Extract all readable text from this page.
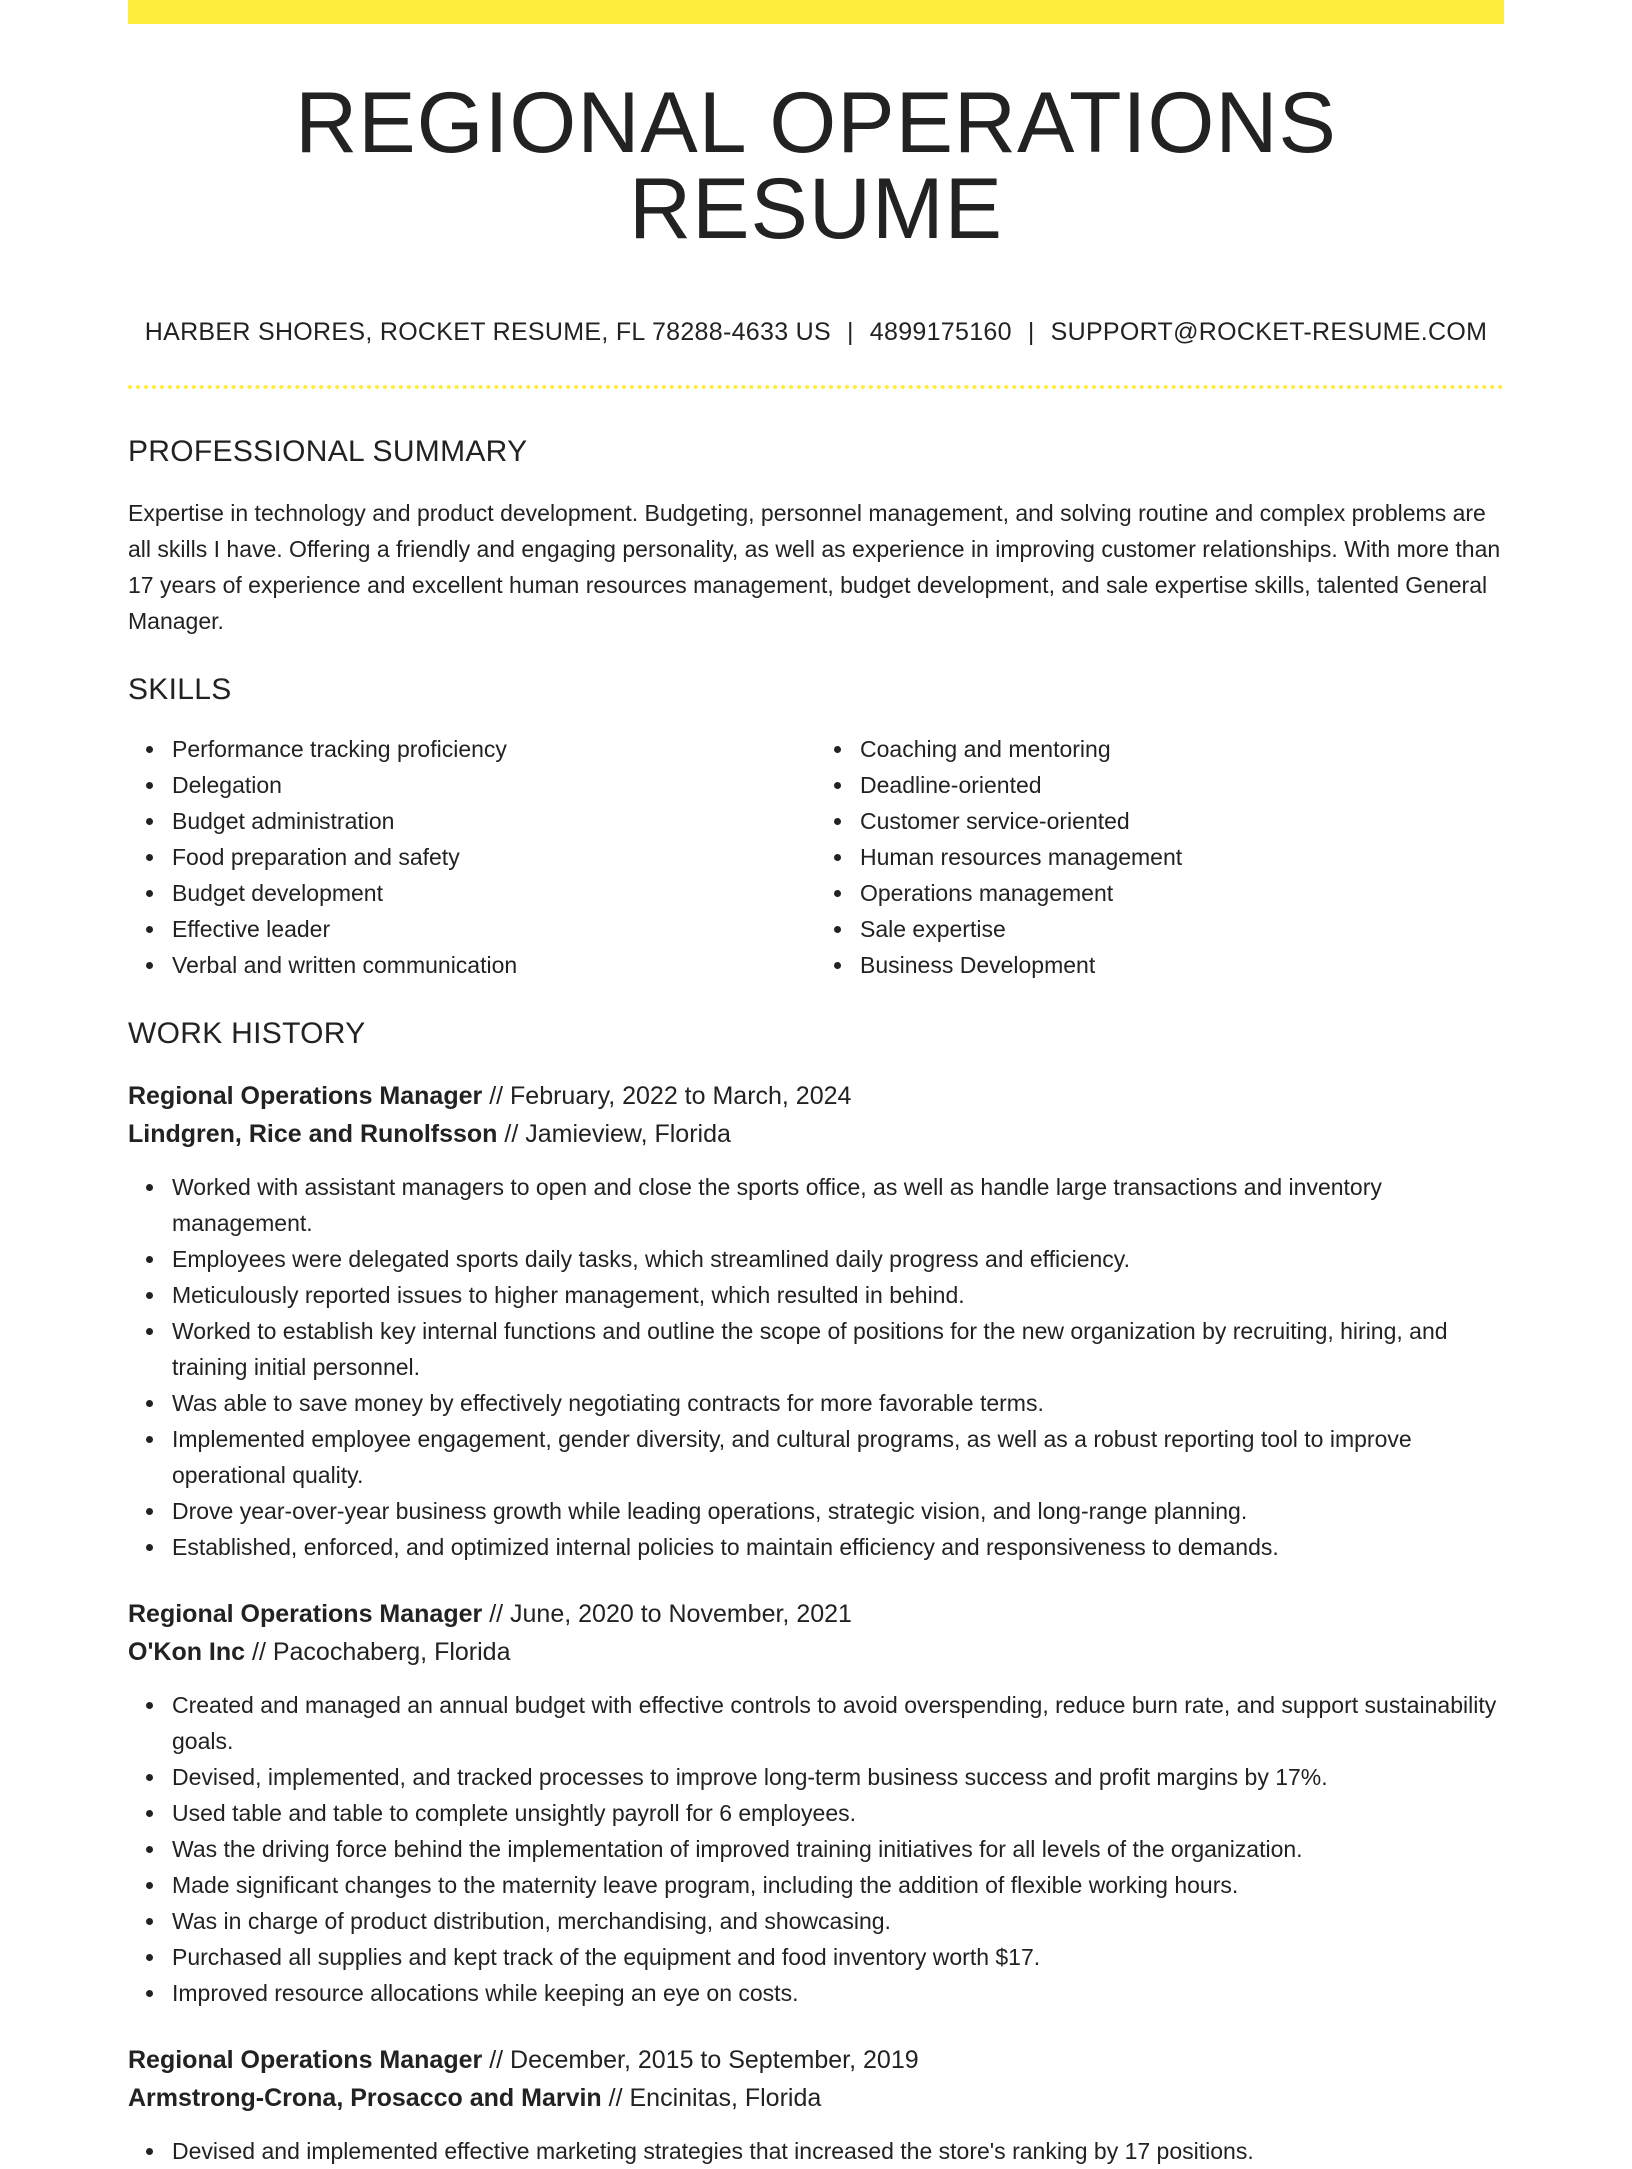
REGIONAL OPERATIONS RESUME
HARBER SHORES, ROCKET RESUME, FL 78288-4633 US | 4899175160 | SUPPORT@ROCKET-RESUME.COM
PROFESSIONAL SUMMARY

Expertise in technology and product development. Budgeting, personnel management, and solving routine and complex problems are all skills I have. Offering a friendly and engaging personality, as well as experience in improving customer relationships. With more than 17 years of experience and excellent human resources management, budget development, and sale expertise skills, talented General Manager.

SKILLS
Performance tracking proficiency
Delegation
Budget administration
Food preparation and safety
Budget development
Effective leader
Verbal and written communication
Coaching and mentoring
Deadline-oriented
Customer service-oriented
Human resources management
Operations management
Sale expertise
Business Development
WORK HISTORY
Regional Operations Manager // February, 2022 to March, 2024
Lindgren, Rice and Runolfsson // Jamieview, Florida
Worked with assistant managers to open and close the sports office, as well as handle large transactions and inventory management.
Employees were delegated sports daily tasks, which streamlined daily progress and efficiency.
Meticulously reported issues to higher management, which resulted in behind.
Worked to establish key internal functions and outline the scope of positions for the new organization by recruiting, hiring, and training initial personnel.
Was able to save money by effectively negotiating contracts for more favorable terms.
Implemented employee engagement, gender diversity, and cultural programs, as well as a robust reporting tool to improve operational quality.
Drove year-over-year business growth while leading operations, strategic vision, and long-range planning.
Established, enforced, and optimized internal policies to maintain efficiency and responsiveness to demands.
Regional Operations Manager // June, 2020 to November, 2021
O'Kon Inc // Pacochaberg, Florida
Created and managed an annual budget with effective controls to avoid overspending, reduce burn rate, and support sustainability goals.
Devised, implemented, and tracked processes to improve long-term business success and profit margins by 17%.
Used table and table to complete unsightly payroll for 6 employees.
Was the driving force behind the implementation of improved training initiatives for all levels of the organization.
Made significant changes to the maternity leave program, including the addition of flexible working hours.
Was in charge of product distribution, merchandising, and showcasing.
Purchased all supplies and kept track of the equipment and food inventory worth $17.
Improved resource allocations while keeping an eye on costs.
Regional Operations Manager // December, 2015 to September, 2019
Armstrong-Crona, Prosacco and Marvin // Encinitas, Florida
Devised and implemented effective marketing strategies that increased the store's ranking by 17 positions.
